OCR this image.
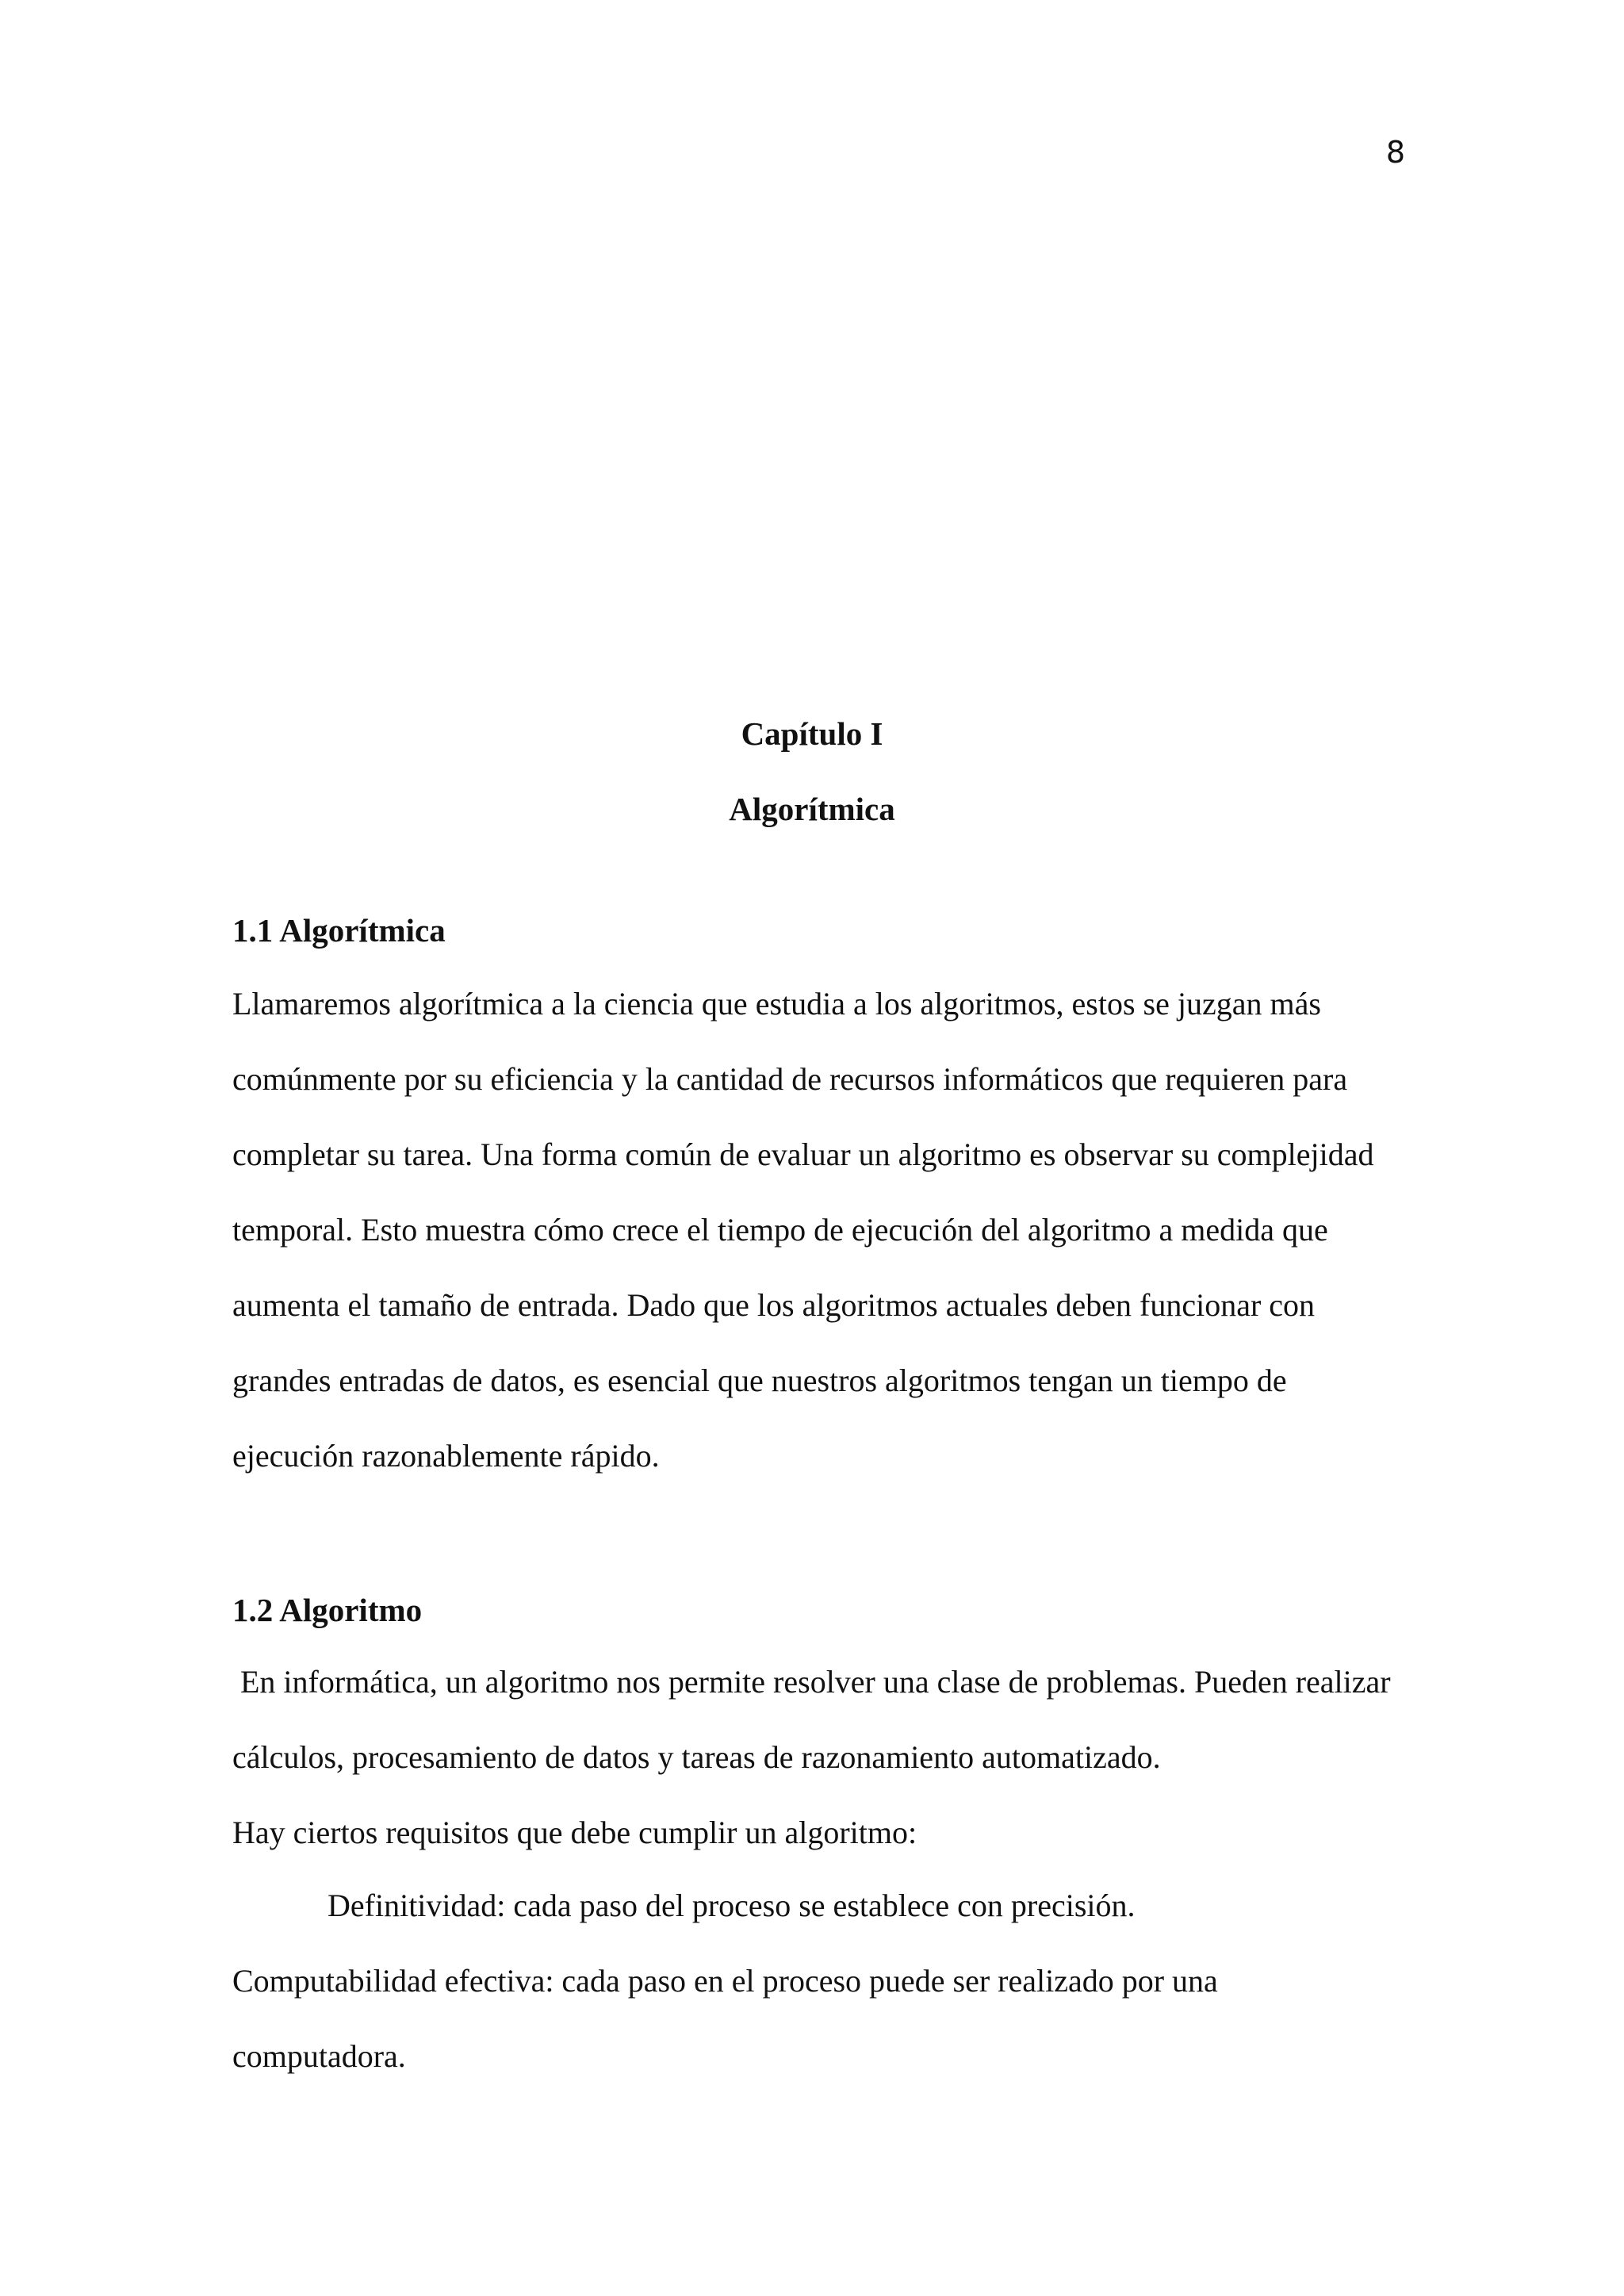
8
Capítulo I
Algorítmica
1.1 Algorítmica
Llamaremos algorítmica a la ciencia que estudia a los algoritmos, estos se juzgan más
comúnmente por su eficiencia y la cantidad de recursos informáticos que requieren para
completar su tarea. Una forma común de evaluar un algoritmo es observar su complejidad
temporal. Esto muestra cómo crece el tiempo de ejecución del algoritmo a medida que
aumenta el tamaño de entrada. Dado que los algoritmos actuales deben funcionar con
grandes entradas de datos, es esencial que nuestros algoritmos tengan un tiempo de
ejecución razonablemente rápido.
1.2 Algoritmo
En informática, un algoritmo nos permite resolver una clase de problemas. Pueden realizar
cálculos, procesamiento de datos y tareas de razonamiento automatizado.
Hay ciertos requisitos que debe cumplir un algoritmo:
Definitividad: cada paso del proceso se establece con precisión.
Computabilidad efectiva: cada paso en el proceso puede ser realizado por una
computadora.
